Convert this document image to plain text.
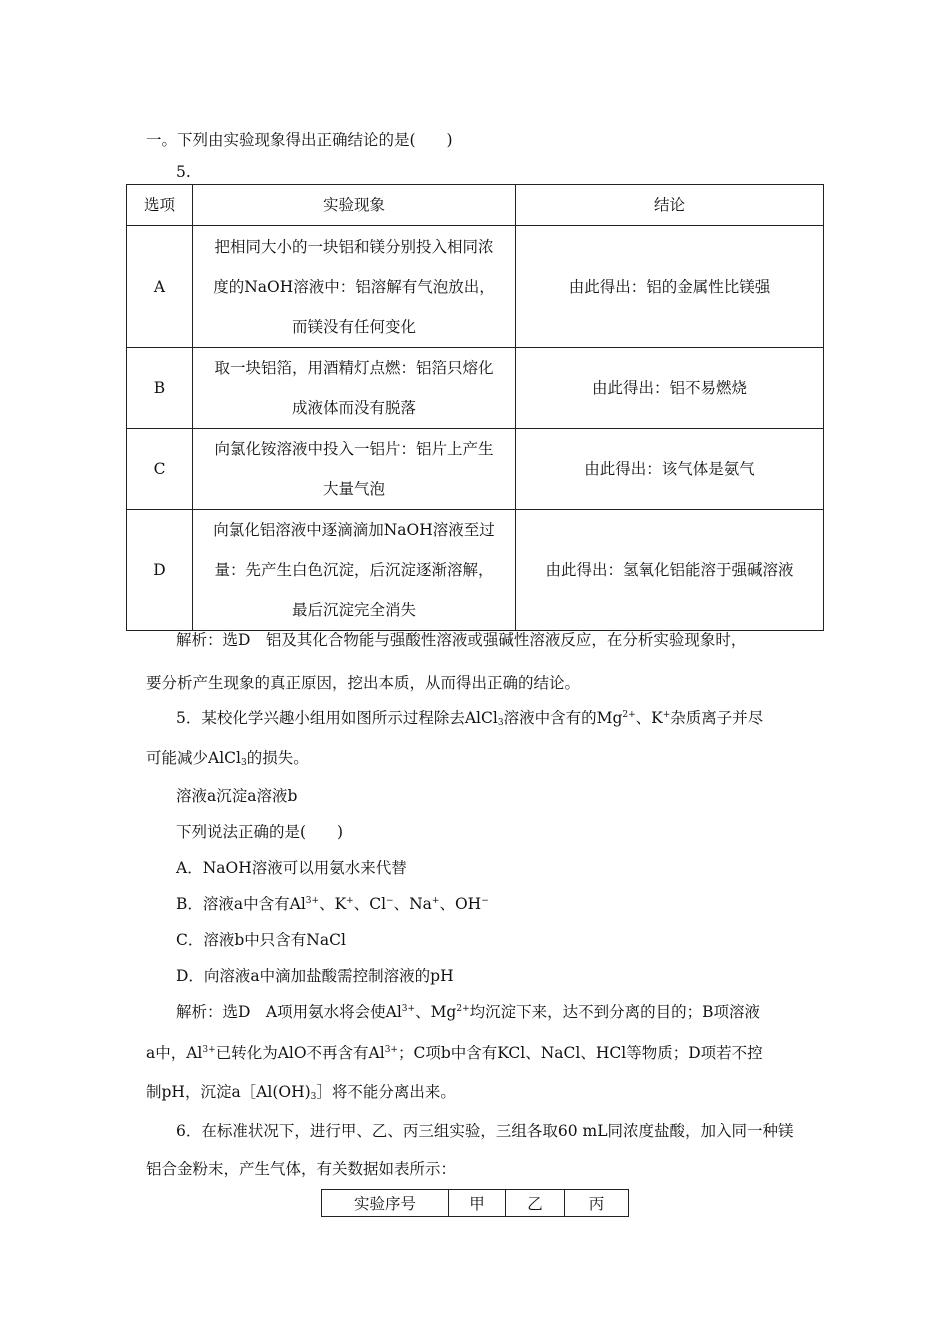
一。下列由实验现象得出正确结论的是(　　)
5.
选项	实验现象	结论
A	把相同大小的一块铝和镁分别投入相同浓
度的NaOH溶液中：铝溶解有气泡放出，
而镁没有任何变化	由此得出：铝的金属性比镁强
B	取一块铝箔，用酒精灯点燃：铝箔只熔化
成液体而没有脱落	由此得出：铝不易燃烧
C	向氯化铵溶液中投入一铝片：铝片上产生
大量气泡	由此得出：该气体是氨气
D	向氯化铝溶液中逐滴滴加NaOH溶液至过
量：先产生白色沉淀，后沉淀逐渐溶解，
最后沉淀完全消失	由此得出：氢氧化铝能溶于强碱溶液
解析：选D　铝及其化合物能与强酸性溶液或强碱性溶液反应，在分析实验现象时，
要分析产生现象的真正原因，挖出本质，从而得出正确的结论。
5．某校化学兴趣小组用如图所示过程除去AlCl$_3$溶液中含有的$Mg^{2+}$、K+杂质离子并尽
可能减少AlCl$_3$的损失。
溶液a沉淀a溶液b
下列说法正确的是(　　)
A．NaOH溶液可以用氨水来代替
B．溶液a中含有$Al^{3+}$、K+、Cl−、Na+、OH−
C．溶液b中只含有NaCl
D．向溶液a中滴加盐酸需控制溶液的pH
解析：选D　A项用氨水将会使$Al^{3+}$、$Mg^{2+}$均沉淀下来，达不到分离的目的；B项溶液
a中，$Al^{3+}$已转化为AlO不再含有$Al^{3+}$；C项b中含有KCl、NaCl、HCl等物质；D项若不控
制pH，沉淀$a[Al(OH)_3]$将不能分离出来。
6．在标准状况下，进行甲、乙、丙三组实验，三组各取60 mL同浓度盐酸，加入同一种镁
铝合金粉末，产生气体，有关数据如表所示：
实验序号	甲	乙	丙
